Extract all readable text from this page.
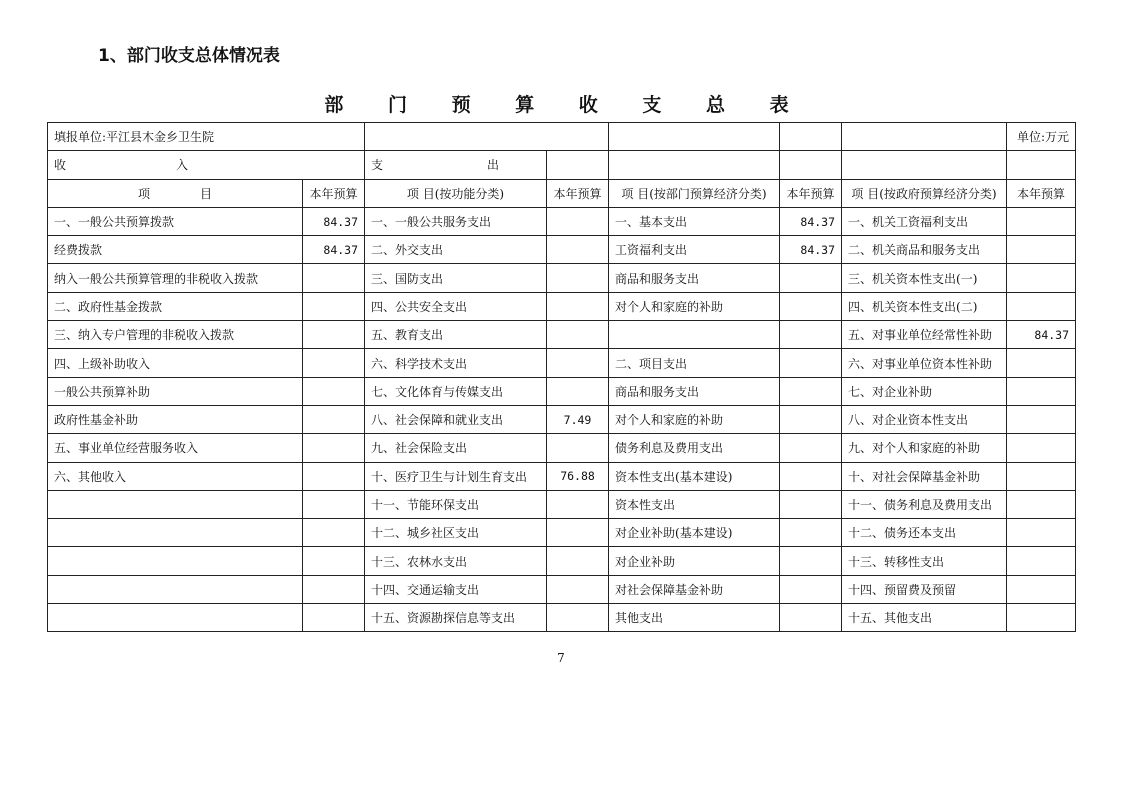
1、部门收支总体情况表
部 门 预 算 收 支 总 表
填报单位:平江县木金乡卫生院							单位:万元
收 入		支 出					
项 目	本年预算	项 目(按功能分类)	本年预算	项 目(按部门预算经济分类)	本年预算	项 目(按政府预算经济分类)	本年预算
一、一般公共预算拨款	84.37	一、一般公共服务支出		一、基本支出	84.37	一、机关工资福利支出	
经费拨款	84.37	二、外交支出		工资福利支出	84.37	二、机关商品和服务支出	
纳入一般公共预算管理的非税收入拨款		三、国防支出		商品和服务支出		三、机关资本性支出(一)	
二、政府性基金拨款		四、公共安全支出		对个人和家庭的补助		四、机关资本性支出(二)	
三、纳入专户管理的非税收入拨款		五、教育支出				五、对事业单位经常性补助	84.37
四、上级补助收入		六、科学技术支出		二、项目支出		六、对事业单位资本性补助	
一般公共预算补助		七、文化体育与传媒支出		商品和服务支出		七、对企业补助	
政府性基金补助		八、社会保障和就业支出	7.49	对个人和家庭的补助		八、对企业资本性支出	
五、事业单位经营服务收入		九、社会保险支出		债务利息及费用支出		九、对个人和家庭的补助	
六、其他收入		十、医疗卫生与计划生育支出	76.88	资本性支出(基本建设)		十、对社会保障基金补助	
		十一、节能环保支出		资本性支出		十一、债务利息及费用支出	
		十二、城乡社区支出		对企业补助(基本建设)		十二、债务还本支出	
		十三、农林水支出		对企业补助		十三、转移性支出	
		十四、交通运输支出		对社会保障基金补助		十四、预留费及预留	
		十五、资源勘探信息等支出		其他支出		十五、其他支出	
7
